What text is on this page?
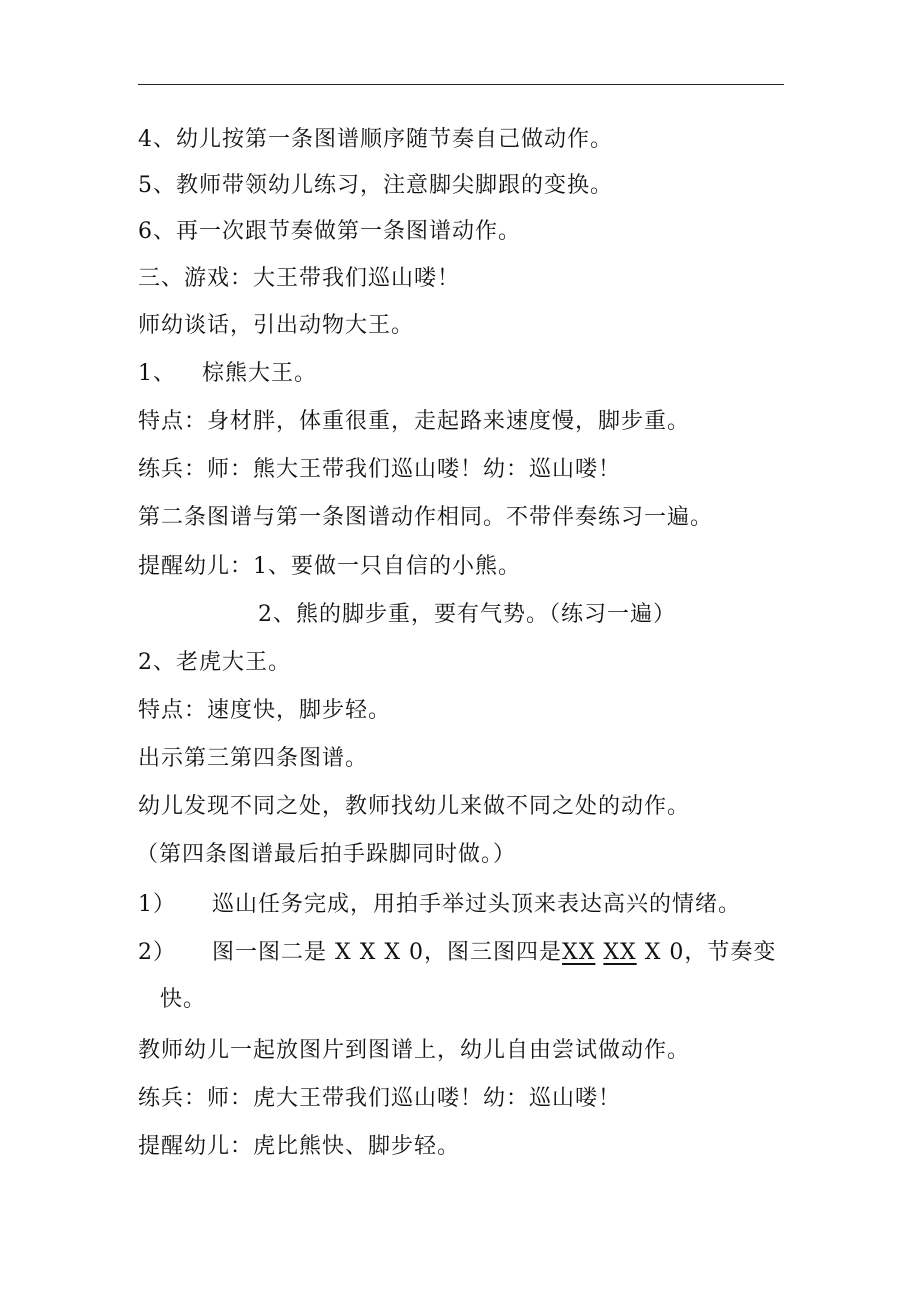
4、幼儿按第一条图谱顺序随节奏自己做动作。
5、教师带领幼儿练习，注意脚尖脚跟的变换。
6、再一次跟节奏做第一条图谱动作。
三、游戏：大王带我们巡山喽！
师幼谈话，引出动物大王。
1、 棕熊大王。
特点：身材胖，体重很重，走起路来速度慢，脚步重。
练兵：师：熊大王带我们巡山喽！幼：巡山喽！
第二条图谱与第一条图谱动作相同。不带伴奏练习一遍。
提醒幼儿：1、要做一只自信的小熊。
2、熊的脚步重，要有气势。（练习一遍）
2、老虎大王。
特点：速度快，脚步轻。
出示第三第四条图谱。
幼儿发现不同之处，教师找幼儿来做不同之处的动作。
（第四条图谱最后拍手跺脚同时做。）
1） 巡山任务完成，用拍手举过头顶来表达高兴的情绪。
2） 图一图二是 X X X 0，图三图四是XX XX X 0，节奏变
快。
教师幼儿一起放图片到图谱上，幼儿自由尝试做动作。
练兵：师：虎大王带我们巡山喽！幼：巡山喽！
提醒幼儿：虎比熊快、脚步轻。
